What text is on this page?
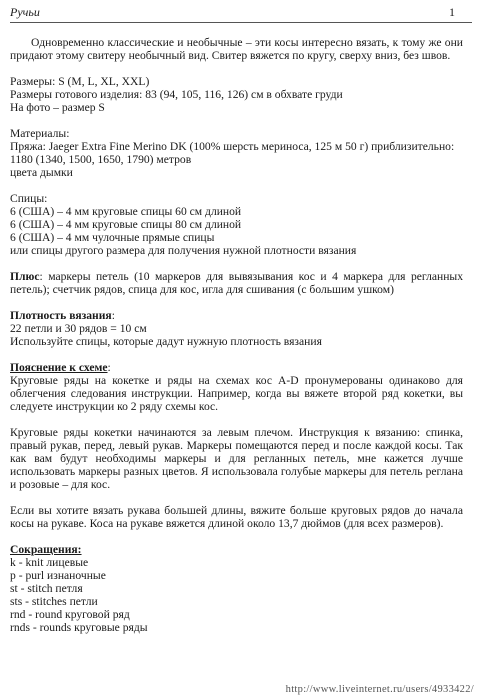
Ручьи	1

Одновременно классические и необычные – эти косы интересно вязать, к тому же они придают этому свитеру необычный вид. Свитер вяжется по кругу, сверху вниз, без швов.

Размеры: S (M, L, XL, XXL)

Размеры готового изделия: 83 (94, 105, 116, 126) см в обхвате груди

На фото – размер S

Материалы:

Пряжа: Jaeger Extra Fine Merino DK (100% шерсть мериноса, 125 м 50 г) приблизительно: 1180 (1340, 1500, 1650, 1790) метров

цвета дымки

Спицы:

6 (США) – 4 мм круговые спицы 60 см длиной

6 (США) – 4 мм круговые спицы 80 см длиной

6 (США) – 4 мм чулочные прямые спицы

или спицы другого размера для получения нужной плотности вязания

Плюс: маркеры петель (10 маркеров для вывязывания кос и 4 маркера для регланных петель); счетчик рядов, спица для кос, игла для сшивания (с большим ушком)

Плотность вязания:

22 петли и 30 рядов = 10 см

Используйте спицы, которые дадут нужную плотность вязания

Пояснение к схеме:

Круговые ряды на кокетке и ряды на схемах кос A-D пронумерованы одинаково для облегчения следования инструкции. Например, когда вы вяжете второй ряд кокетки, вы следуете инструкции ко 2 ряду схемы кос.

Круговые ряды кокетки начинаются за левым плечом. Инструкция к вязанию: спинка, правый рукав, перед, левый рукав. Маркеры помещаются перед и после каждой косы. Так как вам будут необходимы маркеры и для регланных петель, мне кажется лучше использовать маркеры разных цветов. Я использовала голубые маркеры для петель реглана и розовые – для кос.

Если вы хотите вязать рукава большей длины, вяжите больше круговых рядов до начала косы на рукаве. Коса на рукаве вяжется длиной около 13,7 дюймов (для всех размеров).

Сокращения:

k - knit лицевые

p - purl изнаночные

st - stitch петля

sts - stitches петли

rnd - round круговой ряд

rnds - rounds круговые ряды

http://www.liveinternet.ru/users/4933422/
